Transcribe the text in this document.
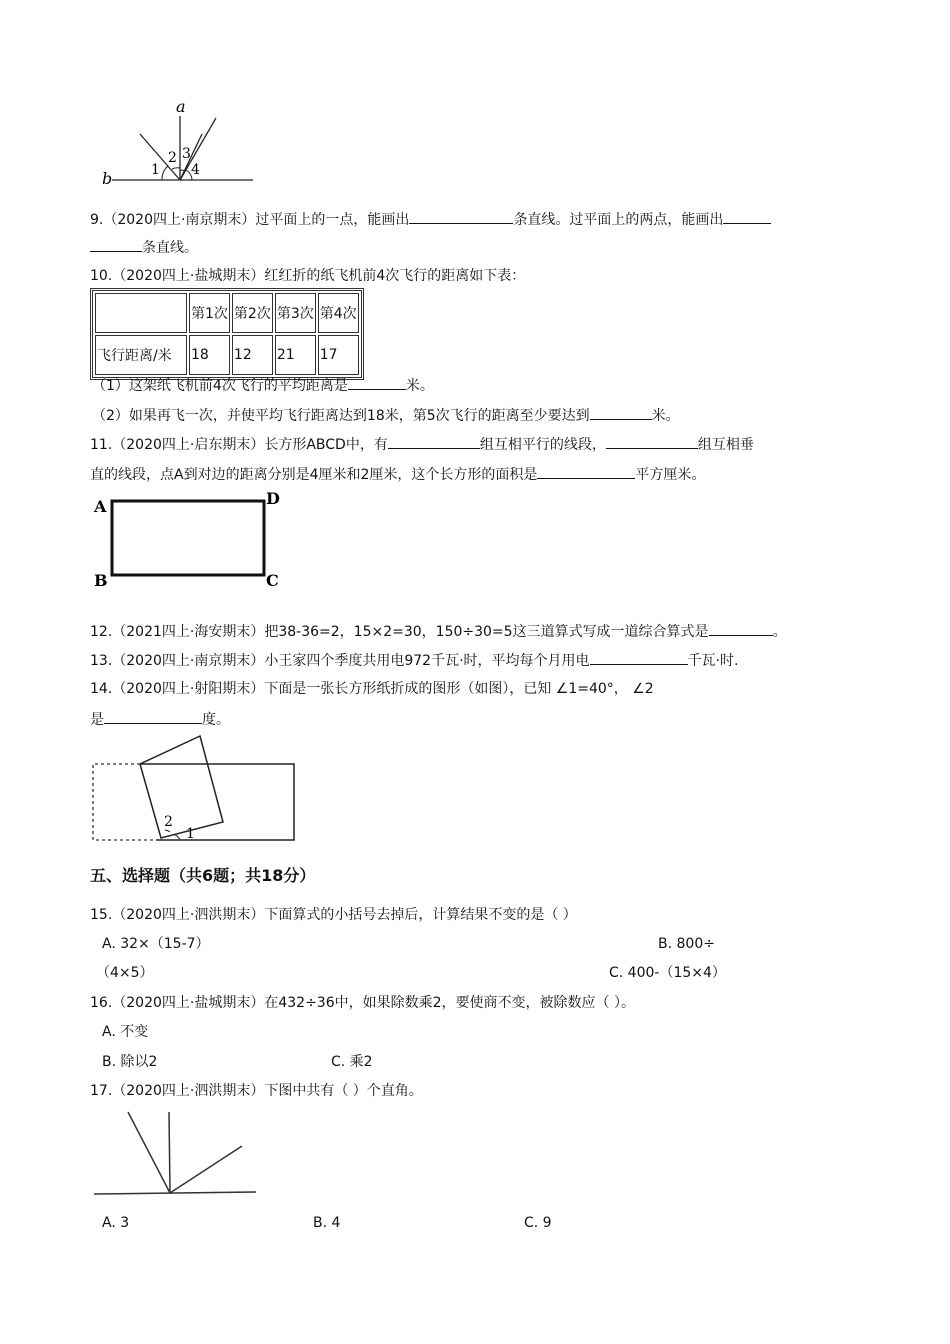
a
b	1
2 3
4
9.（2020四上·南京期末）过平面上的一点，能画出	条直线。过平面上的两点，能画出
条直线。
10.（2020四上·盐城期末）红红折的纸飞机前4次飞行的距离如下表：
	第1次	第2次	第3次	第4次
飞行距离/米	18	12	21	17
（1）这架纸飞机前4次飞行的平均距离是	米。
（2）如果再飞一次，并使平均飞行距离达到18米，第5次飞行的距离至少要达到	米。
11.（2020四上·启东期末）长方形ABCD中，有	组互相平行的线段，	组互相垂
直的线段，点A到对边的距离分别是4厘米和2厘米，这个长方形的面积是	平方厘米。
A
B	C
D
12.（2021四上·海安期末）把38-36=2，15×2=30，150÷30=5这三道算式写成一道综合算式是	。
13.（2020四上·南京期末）小王家四个季度共用电972千瓦·时，平均每个月用电	千瓦·时.
14.（2020四上·射阳期末）下面是一张长方形纸折成的图形（如图），已知 ∠1=40°， ∠2
是	度。
2
1
五、选择题（共6题；共18分）
15.（2020四上·泗洪期末）下面算式的小括号去掉后，计算结果不变的是（ ）
A. 32×（15-7）	B. 800÷
（4×5）	C. 400-（15×4）
16.（2020四上·盐城期末）在432÷36中，如果除数乘2，要使商不变，被除数应（ ）。
A. 不变
B. 除以2	C. 乘2
17.（2020四上·泗洪期末）下图中共有（ ）个直角。
A. 3	B. 4	C. 9
